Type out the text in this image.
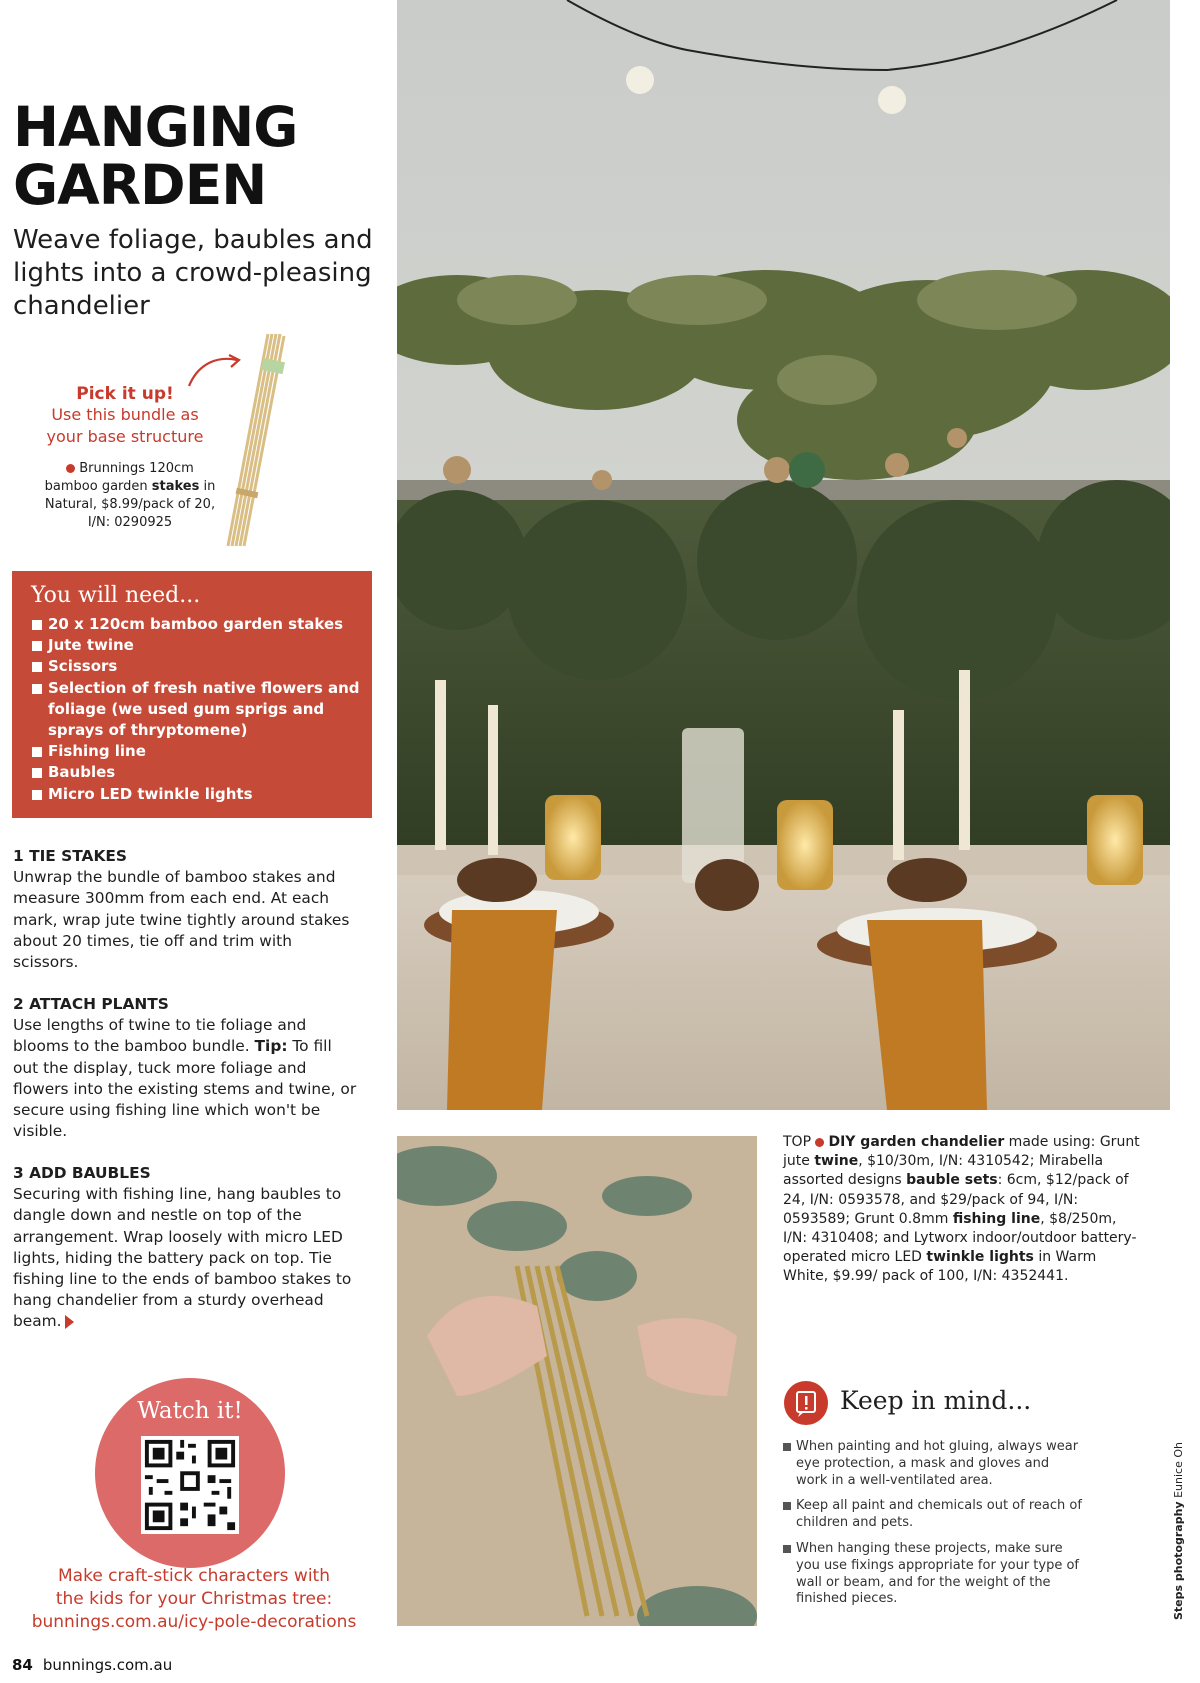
HANGING
GARDEN
Weave foliage, baubles and lights into a crowd-pleasing chandelier
Pick it up!
Use this bundle as
your base structure
Brunnings 120cm bamboo garden stakes in Natural, $8.99/pack of 20, I/N: 0290925
You will need...
20 x 120cm bamboo garden stakes
Jute twine
Scissors
Selection of fresh native flowers and foliage (we used gum sprigs and sprays of thryptomene)
Fishing line
Baubles
Micro LED twinkle lights
1 TIE STAKES
Unwrap the bundle of bamboo stakes and measure 300mm from each end. At each mark, wrap jute twine tightly around stakes about 20 times, tie off and trim with scissors.
2 ATTACH PLANTS
Use lengths of twine to tie foliage and blooms to the bamboo bundle. Tip: To fill out the display, tuck more foliage and flowers into the existing stems and twine, or secure using fishing line which won't be visible.
3 ADD BAUBLES
Securing with fishing line, hang baubles to dangle down and nestle on top of the arrangement. Wrap loosely with micro LED lights, hiding the battery pack on top. Tie fishing line to the ends of bamboo stakes to hang chandelier from a sturdy overhead beam.
Watch it!
Make craft-stick characters with
the kids for your Christmas tree:
bunnings.com.au/icy-pole-decorations
84 bunnings.com.au
TOP DIY garden chandelier made using: Grunt jute twine, $10/30m, I/N: 4310542; Mirabella assorted designs bauble sets: 6cm, $12/pack of 24, I/N: 0593578, and $29/pack of 94, I/N: 0593589; Grunt 0.8mm fishing line, $8/250m, I/N: 4310408; and Lytworx indoor/outdoor battery-operated micro LED twinkle lights in Warm White, $9.99/ pack of 100, I/N: 4352441.
Keep in mind...
When painting and hot gluing, always wear eye protection, a mask and gloves and work in a well-ventilated area.
Keep all paint and chemicals out of reach of children and pets.
When hanging these projects, make sure you use fixings appropriate for your type of wall or beam, and for the weight of the finished pieces.	Steps photography Eunice Oh
